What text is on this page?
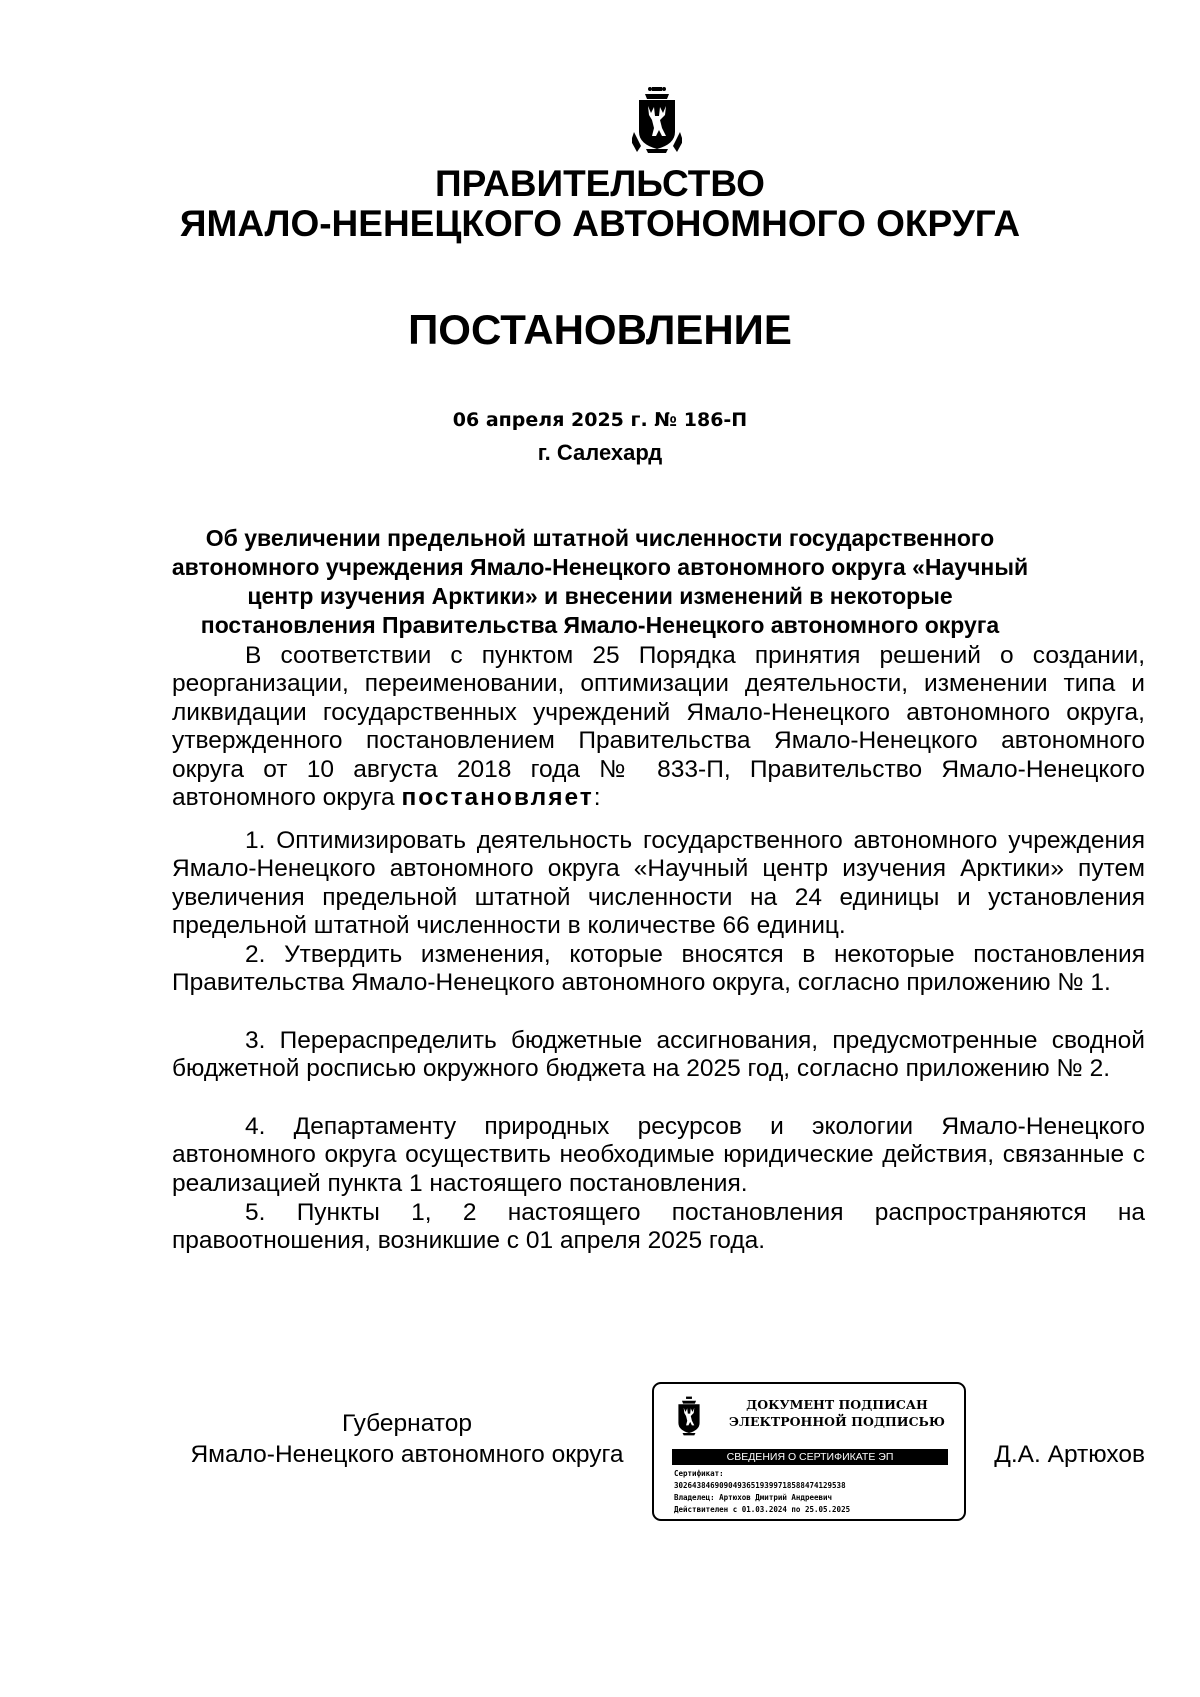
ПРАВИТЕЛЬСТВО
ЯМАЛО-НЕНЕЦКОГО АВТОНОМНОГО ОКРУГА
ПОСТАНОВЛЕНИЕ
06 апреля 2025 г. № 186-П
г. Салехард
Об увеличении предельной штатной численности государственного автономного учреждения Ямало-Ненецкого автономного округа «Научный центр изучения Арктики» и внесении изменений в некоторые постановления Правительства Ямало-Ненецкого автономного округа

В соответствии с пунктом 25 Порядка принятия решений о создании, реорганизации, переименовании, оптимизации деятельности, изменении типа и ликвидации государственных учреждений Ямало-Ненецкого автономного округа, утвержденного постановлением Правительства Ямало-Ненецкого автономного округа от 10 августа 2018 года № 833-П, Правительство Ямало-Ненецкого автономного округа постановляет:

1. Оптимизировать деятельность государственного автономного учреждения Ямало-Ненецкого автономного округа «Научный центр изучения Арктики» путем увеличения предельной штатной численности на 24 единицы и установления предельной штатной численности в количестве 66 единиц.

2. Утвердить изменения, которые вносятся в некоторые постановления Правительства Ямало-Ненецкого автономного округа, согласно приложению № 1.

3. Перераспределить бюджетные ассигнования, предусмотренные сводной бюджетной росписью окружного бюджета на 2025 год, согласно приложению № 2.

4. Департаменту природных ресурсов и экологии Ямало-Ненецкого автономного округа осуществить необходимые юридические действия, связанные с реализацией пункта 1 настоящего постановления.

5. Пункты 1, 2 настоящего постановления распространяются на правоотношения, возникшие с 01 апреля 2025 года.

Губернатор
Ямало-Ненецкого автономного округа
ДОКУМЕНТ ПОДПИСАН
ЭЛЕКТРОННОЙ ПОДПИСЬЮ
СВЕДЕНИЯ О СЕРТИФИКАТЕ ЭП
Сертификат:
30264384690904936519399718588474129538
Владелец: Артюхов Дмитрий Андреевич
Действителен с 01.03.2024 по 25.05.2025
Д.А. Артюхов
